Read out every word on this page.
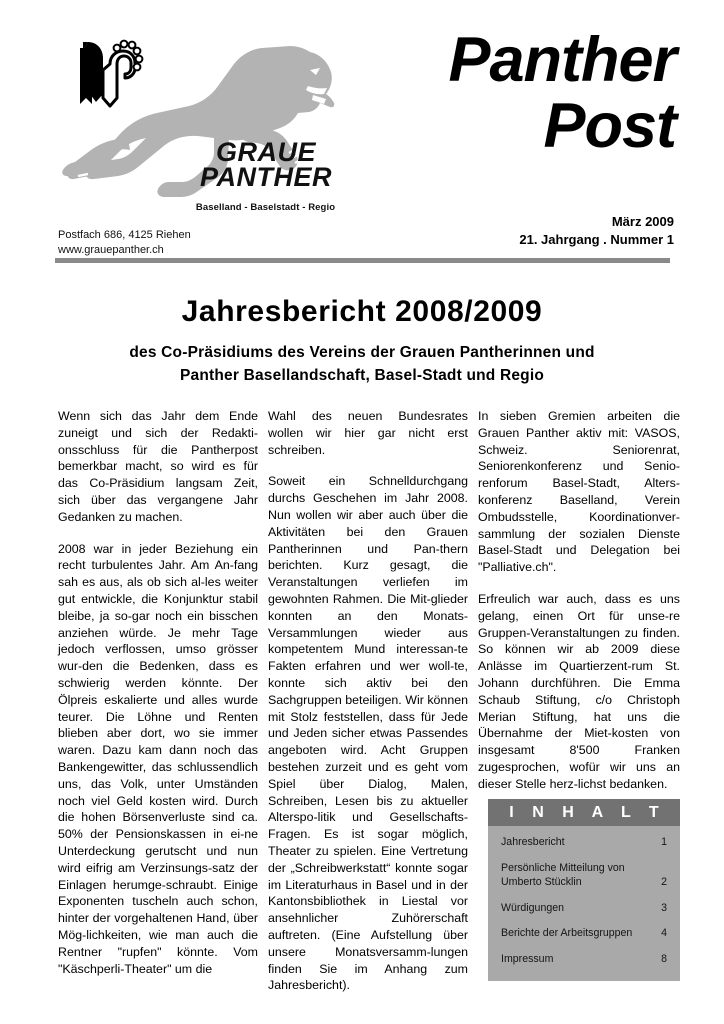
GRAUE
PANTHER
Baselland - Baselstadt - Regio
Panther
Post
März 2009
21. Jahrgang . Nummer 1
Postfach 686, 4125 Riehen
www.grauepanther.ch
Jahresbericht 2008/2009
des Co-Präsidiums des Vereins der Grauen Pantherinnen und
Panther Basellandschaft, Basel-Stadt und Regio

Wenn sich das Jahr dem Ende zuneigt und sich der Redakti-onsschluss für die Pantherpost bemerkbar macht, so wird es für das Co-Präsidium langsam Zeit, sich über das vergangene Jahr Gedanken zu machen.

2008 war in jeder Beziehung ein recht turbulentes Jahr. Am An-fang sah es aus, als ob sich al-les weiter gut entwickle, die Konjunktur stabil bleibe, ja so-gar noch ein bisschen anziehen würde. Je mehr Tage jedoch verflossen, umso grösser wur-den die Bedenken, dass es schwierig werden könnte. Der Ölpreis eskalierte und alles wurde teurer. Die Löhne und Renten blieben aber dort, wo sie immer waren. Dazu kam dann noch das Bankengewitter, das schlussendlich uns, das Volk, unter Umständen noch viel Geld kosten wird. Durch die hohen Börsenverluste sind ca. 50% der Pensionskassen in ei-ne Unterdeckung gerutscht und nun wird eifrig am Verzinsungs-satz der Einlagen herumge-schraubt. Einige Exponenten tuscheln auch schon, hinter der vorgehaltenen Hand, über Mög-lichkeiten, wie man auch die Rentner "rupfen" könnte. Vom "Käschperli-Theater" um die

Wahl des neuen Bundesrates wollen wir hier gar nicht erst schreiben.

Soweit ein Schnelldurchgang durchs Geschehen im Jahr 2008. Nun wollen wir aber auch über die Aktivitäten bei den Grauen Pantherinnen und Pan-thern berichten. Kurz gesagt, die Veranstaltungen verliefen im gewohnten Rahmen. Die Mit-glieder konnten an den Monats-Versammlungen wieder aus kompetentem Mund interessan-te Fakten erfahren und wer woll-te, konnte sich aktiv bei den Sachgruppen beteiligen. Wir können mit Stolz feststellen, dass für Jede und Jeden sicher etwas Passendes angeboten wird. Acht Gruppen bestehen zurzeit und es geht vom Spiel über Dialog, Malen, Schreiben, Lesen bis zu aktueller Alterspo-litik und Gesellschafts-Fragen. Es ist sogar möglich, Theater zu spielen. Eine Vertretung der „Schreibwerkstatt“ konnte sogar im Literaturhaus in Basel und in der Kantonsbibliothek in Liestal vor ansehnlicher Zuhörerschaft auftreten. (Eine Aufstellung über unsere Monatsversamm-lungen finden Sie im Anhang zum Jahresbericht).

In sieben Gremien arbeiten die Grauen Panther aktiv mit: VASOS, Schweiz. Seniorenrat, Seniorenkonferenz und Senio-renforum Basel-Stadt, Alters-konferenz Baselland, Verein Ombudsstelle, Koordinationver-sammlung der sozialen Dienste Basel-Stadt und Delegation bei "Palliative.ch".

Erfreulich war auch, dass es uns gelang, einen Ort für unse-re Gruppen-Veranstaltungen zu finden. So können wir ab 2009 diese Anlässe im Quartierzent-rum St. Johann durchführen. Die Emma Schaub Stiftung, c/o Christoph Merian Stiftung, hat uns die Übernahme der Miet-kosten von insgesamt 8'500 Franken zugesprochen, wofür wir uns an dieser Stelle herz-lichst bedanken.

I N H A L T
Jahresbericht	1
Persönliche Mitteilung von
Umberto Stücklin	2
Würdigungen	3
Berichte der Arbeitsgruppen	4
Impressum	8
